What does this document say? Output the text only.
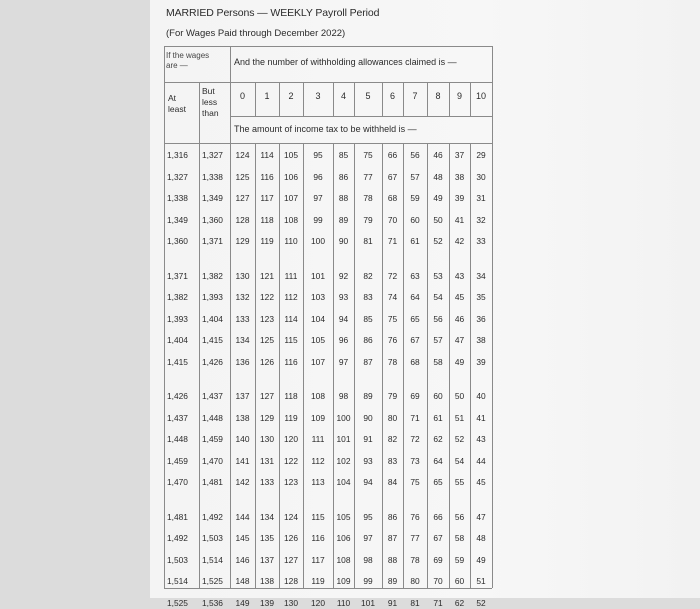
MARRIED Persons — WEEKLY Payroll Period
(For Wages Paid through December 2022)
If the wages
are —	And the number of withholding allowances claimed is —
At
least
But
less
than
0	1	2	3	4	5	6	7	8	9	10
The amount of income tax to be withheld is —
1,316	1,327	124	114	105	95	85	75	66	56	46	37	29
1,327	1,338	125	116	106	96	86	77	67	57	48	38	30
1,338	1,349	127	117	107	97	88	78	68	59	49	39	31
1,349	1,360	128	118	108	99	89	79	70	60	50	41	32
1,360	1,371	129	119	110	100	90	81	71	61	52	42	33
1,371	1,382	130	121	111	101	92	82	72	63	53	43	34
1,382	1,393	132	122	112	103	93	83	74	64	54	45	35
1,393	1,404	133	123	114	104	94	85	75	65	56	46	36
1,404	1,415	134	125	115	105	96	86	76	67	57	47	38
1,415	1,426	136	126	116	107	97	87	78	68	58	49	39
1,426	1,437	137	127	118	108	98	89	79	69	60	50	40
1,437	1,448	138	129	119	109	100	90	80	71	61	51	41
1,448	1,459	140	130	120	111	101	91	82	72	62	52	43
1,459	1,470	141	131	122	112	102	93	83	73	64	54	44
1,470	1,481	142	133	123	113	104	94	84	75	65	55	45
1,481	1,492	144	134	124	115	105	95	86	76	66	56	47
1,492	1,503	145	135	126	116	106	97	87	77	67	58	48
1,503	1,514	146	137	127	117	108	98	88	78	69	59	49
1,514	1,525	148	138	128	119	109	99	89	80	70	60	51
1,525	1,536	149	139	130	120	110	101	91	81	71	62	52
